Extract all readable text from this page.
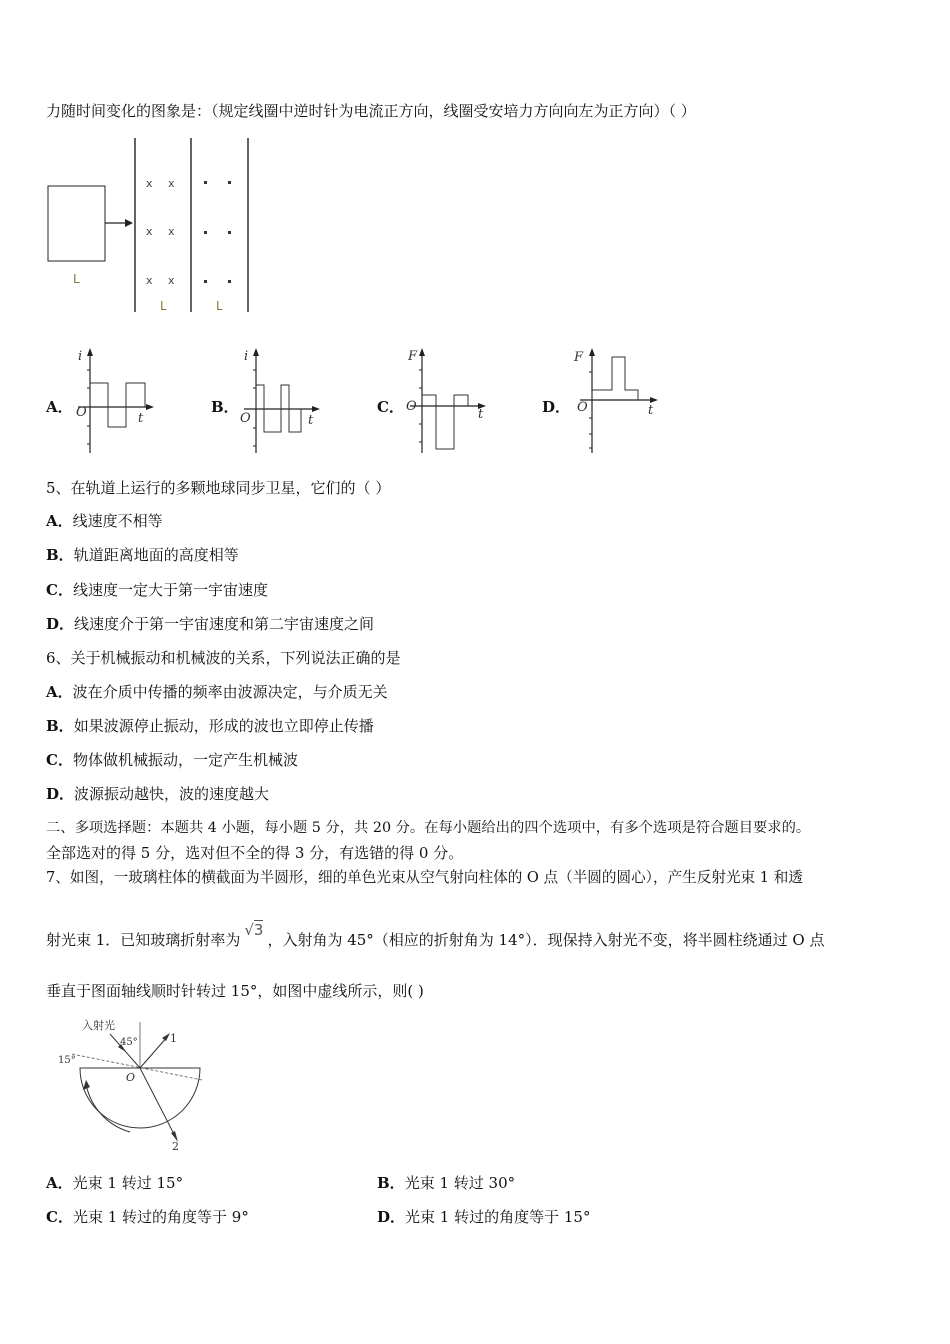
力随时间变化的图象是：（规定线圈中逆时针为电流正方向，线圈受安培力方向向左为正方向）（ ）
L
x x
x x
x x
L	L
A．
i
O	t
B．
i
O	t
C．
F
O
t	D．
F
O	t
5、在轨道上运行的多颗地球同步卫星，它们的（ ）
A．线速度不相等
B．轨道距离地面的高度相等
C．线速度一定大于第一宇宙速度
D．线速度介于第一宇宙速度和第二宇宙速度之间
6、关于机械振动和机械波的关系，下列说法正确的是
A．波在介质中传播的频率由波源决定，与介质无关
B．如果波源停止振动，形成的波也立即停止传播
C．物体做机械振动，一定产生机械波
D．波源振动越快，波的速度越大
二、多项选择题：本题共 4 小题，每小题 5 分，共 20 分。在每小题给出的四个选项中，有多个选项是符合题目要求的。
全部选对的得 5 分，选对但不全的得 3 分，有选错的得 0 分。
7、如图，一玻璃柱体的横截面为半圆形，细的单色光束从空气射向柱体的 O 点（半圆的圆心），产生反射光束 1 和透
射光束 1．已知玻璃折射率为√3，入射角为 45°（相应的折射角为 14°）．现保持入射光不变，将半圆柱绕通过 O 点
垂直于图面轴线顺时针转过 15°，如图中虚线所示，则( )
入射光
45°
15°
O
1
2
A．光束 1 转过 15°	B．光束 1 转过 30°
C．光束 1 转过的角度等于 9°	D．光束 1 转过的角度等于 15°
